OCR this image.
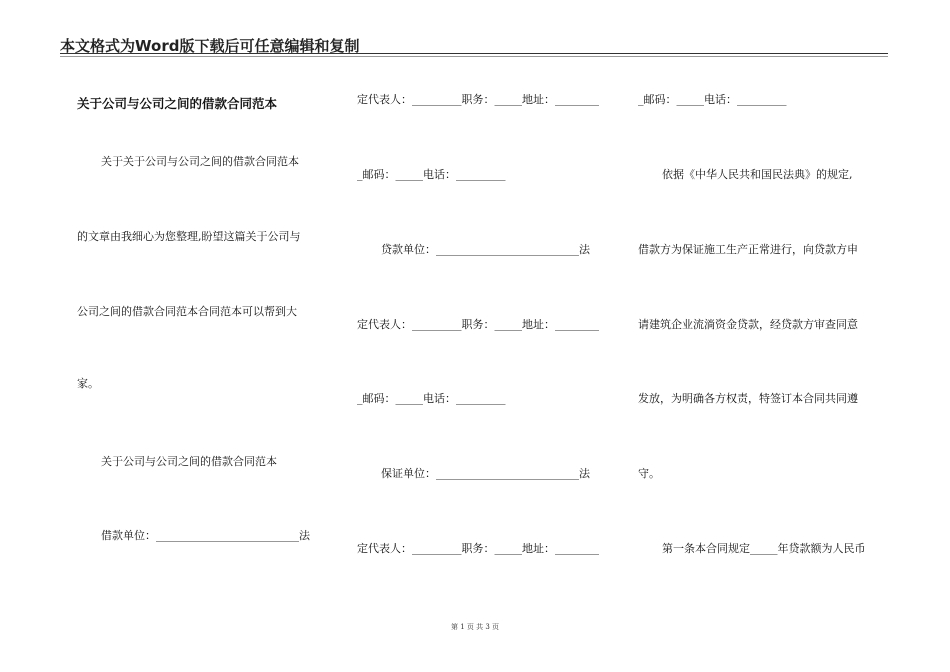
本文格式为Word版下载后可任意编辑和复制
关于公司与公司之间的借款合同范本
关于关于公司与公司之间的借款合同范本
的文章由我细心为您整理,盼望这篇关于公司与
公司之间的借款合同范本合同范本可以帮到大
家。
关于公司与公司之间的借款合同范本
借款单位：__________________________法
定代表人：_________职务：_____地址：________
_邮码：_____电话：_________
贷款单位：__________________________法
定代表人：_________职务：_____地址：________
_邮码：_____电话：_________
保证单位：__________________________法
定代表人：_________职务：_____地址：________
_邮码：_____电话：_________
依据《中华人民共和国民法典》的规定,
借款方为保证施工生产正常进行，向贷款方申
请建筑企业流淌资金贷款，经贷款方审查同意
发放，为明确各方权责，特签订本合同共同遵
守。
第一条本合同规定_____年贷款额为人民币
第 1 页 共 3 页
